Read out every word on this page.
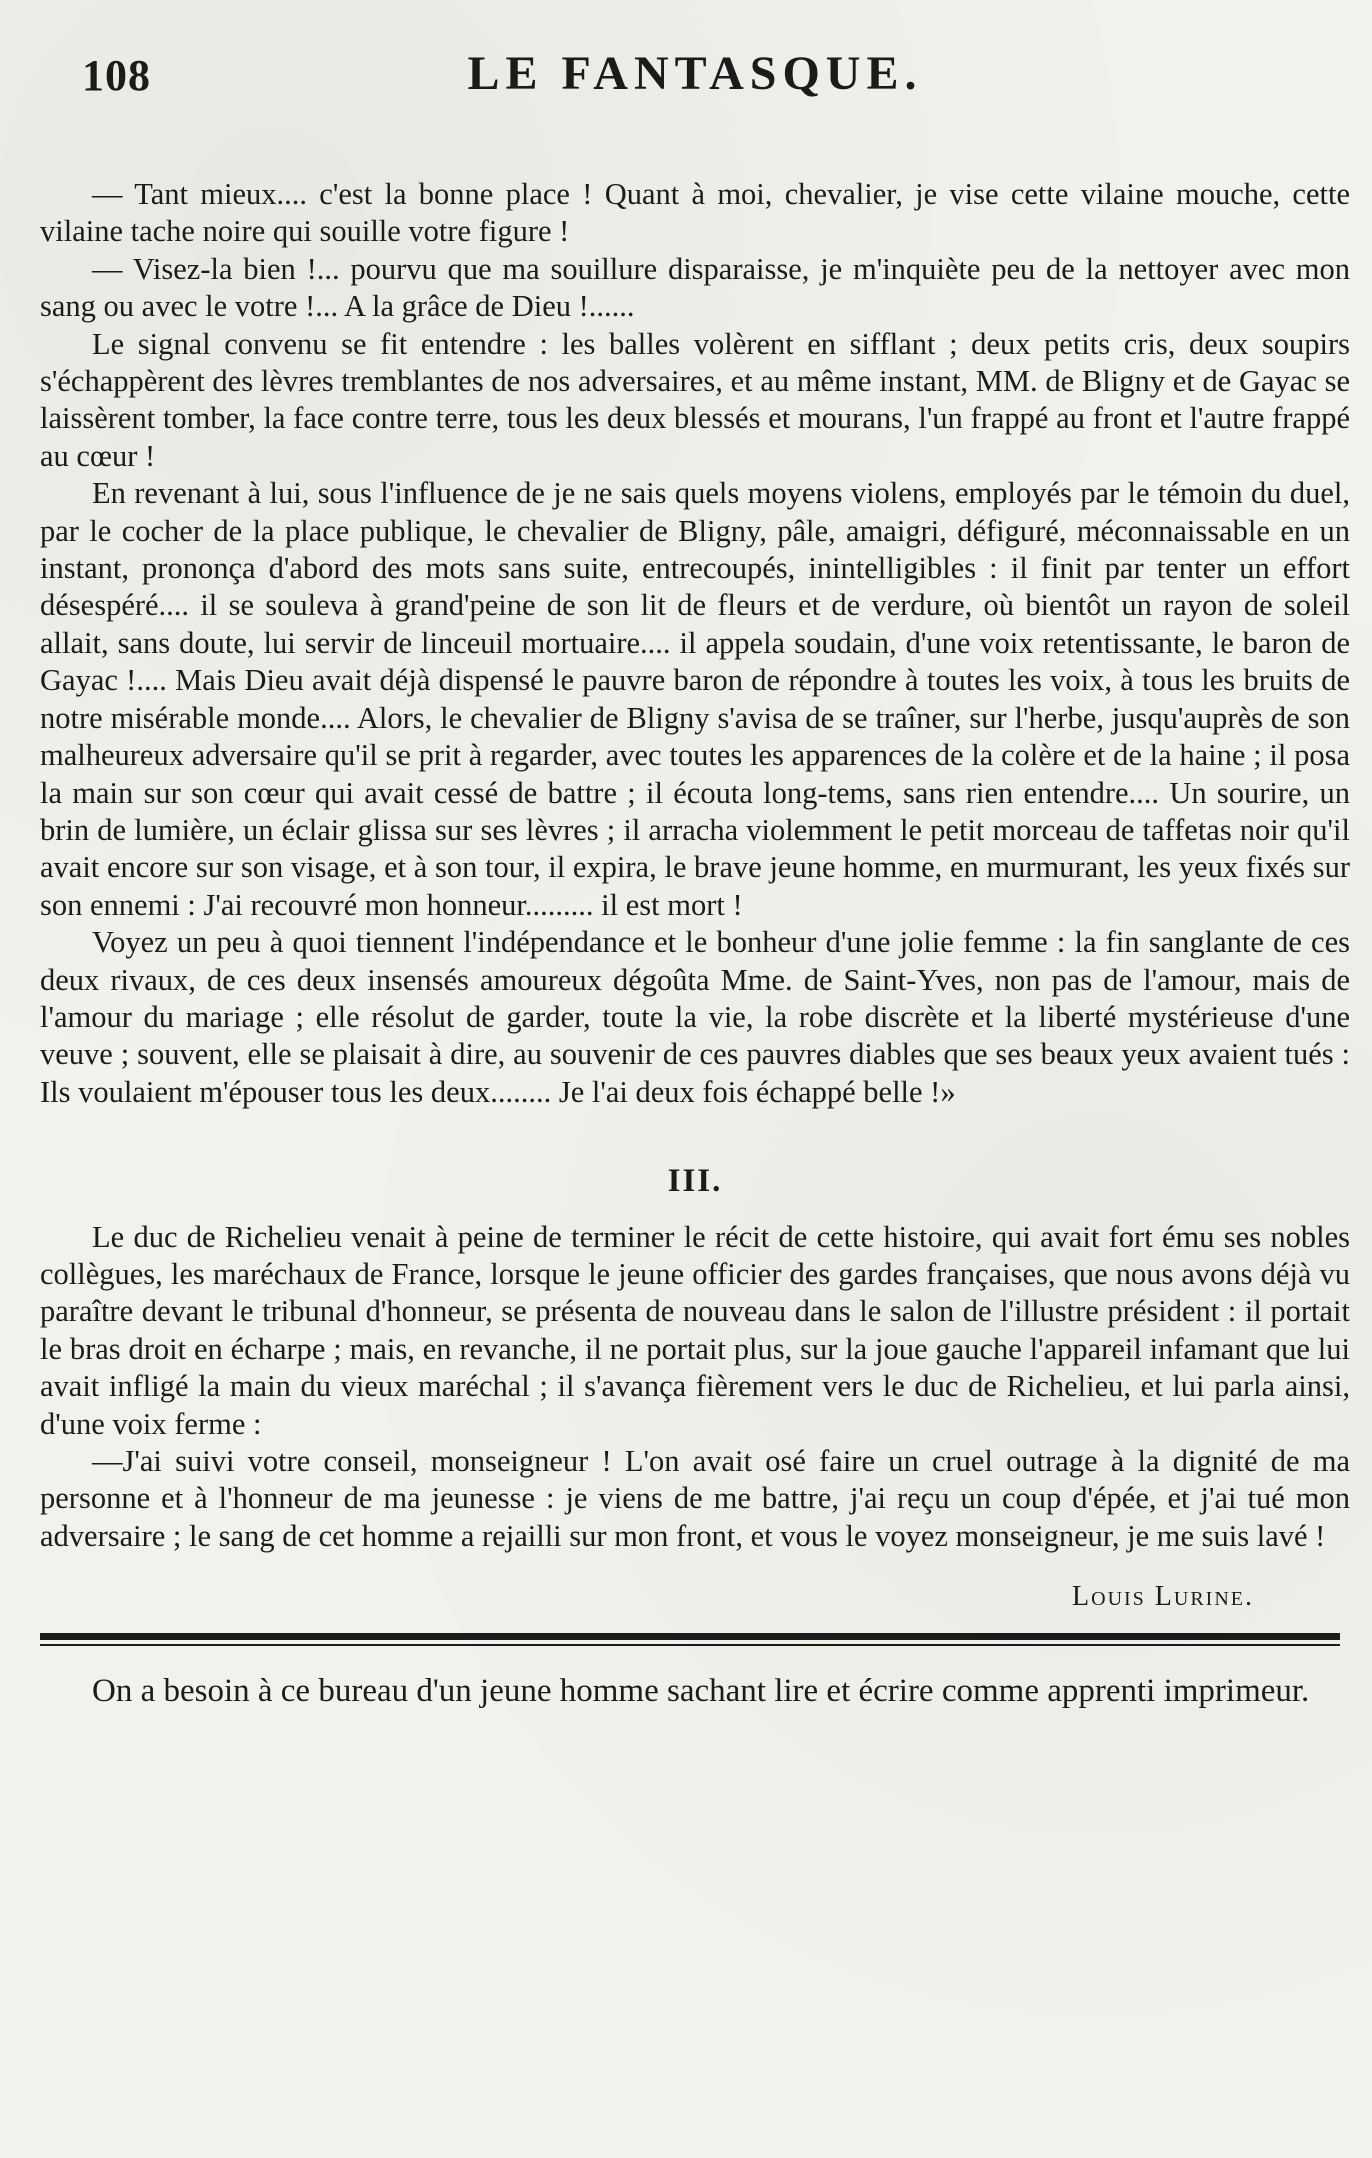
108	LE FANTASQUE.

— Tant mieux.... c'est la bonne place ! Quant à moi, chevalier, je vise cette vilaine mouche, cette vilaine tache noire qui souille votre figure !

— Visez-la bien !... pourvu que ma souillure disparaisse, je m'inquiète peu de la nettoyer avec mon sang ou avec le votre !... A la grâce de Dieu !......

Le signal convenu se fit entendre : les balles volèrent en sifflant ; deux petits cris, deux soupirs s'échappèrent des lèvres tremblantes de nos adversaires, et au même instant, MM. de Bligny et de Gayac se laissèrent tomber, la face contre terre, tous les deux blessés et mourans, l'un frappé au front et l'autre frappé au cœur !

En revenant à lui, sous l'influence de je ne sais quels moyens violens, employés par le témoin du duel, par le cocher de la place publique, le chevalier de Bligny, pâle, amaigri, défiguré, méconnaissable en un instant, prononça d'abord des mots sans suite, entrecoupés, inintelligibles : il finit par tenter un effort désespéré.... il se souleva à grand'peine de son lit de fleurs et de verdure, où bientôt un rayon de soleil allait, sans doute, lui servir de linceuil mortuaire.... il appela soudain, d'une voix retentissante, le baron de Gayac !.... Mais Dieu avait déjà dispensé le pauvre baron de répondre à toutes les voix, à tous les bruits de notre misérable monde.... Alors, le chevalier de Bligny s'avisa de se traîner, sur l'herbe, jusqu'auprès de son malheureux adversaire qu'il se prit à regarder, avec toutes les apparences de la colère et de la haine ; il posa la main sur son cœur qui avait cessé de battre ; il écouta long-tems, sans rien entendre.... Un sourire, un brin de lumière, un éclair glissa sur ses lèvres ; il arracha violemment le petit morceau de taffetas noir qu'il avait encore sur son visage, et à son tour, il expira, le brave jeune homme, en murmurant, les yeux fixés sur son ennemi : J'ai recouvré mon honneur......... il est mort !

Voyez un peu à quoi tiennent l'indépendance et le bonheur d'une jolie femme : la fin sanglante de ces deux rivaux, de ces deux insensés amoureux dégoûta Mme. de Saint-Yves, non pas de l'amour, mais de l'amour du mariage ; elle résolut de garder, toute la vie, la robe discrète et la liberté mystérieuse d'une veuve ; souvent, elle se plaisait à dire, au souvenir de ces pauvres diables que ses beaux yeux avaient tués : Ils voulaient m'épouser tous les deux........ Je l'ai deux fois échappé belle !»

III.

Le duc de Richelieu venait à peine de terminer le récit de cette histoire, qui avait fort ému ses nobles collègues, les maréchaux de France, lorsque le jeune officier des gardes françaises, que nous avons déjà vu paraître devant le tribunal d'honneur, se présenta de nouveau dans le salon de l'illustre président : il portait le bras droit en écharpe ; mais, en revanche, il ne portait plus, sur la joue gauche l'appareil infamant que lui avait infligé la main du vieux maréchal ; il s'avança fièrement vers le duc de Richelieu, et lui parla ainsi, d'une voix ferme :

—J'ai suivi votre conseil, monseigneur ! L'on avait osé faire un cruel outrage à la dignité de ma personne et à l'honneur de ma jeunesse : je viens de me battre, j'ai reçu un coup d'épée, et j'ai tué mon adversaire ; le sang de cet homme a rejailli sur mon front, et vous le voyez monseigneur, je me suis lavé !

Louis Lurine.
On a besoin à ce bureau d'un jeune homme sachant lire et écrire comme apprenti imprimeur.
